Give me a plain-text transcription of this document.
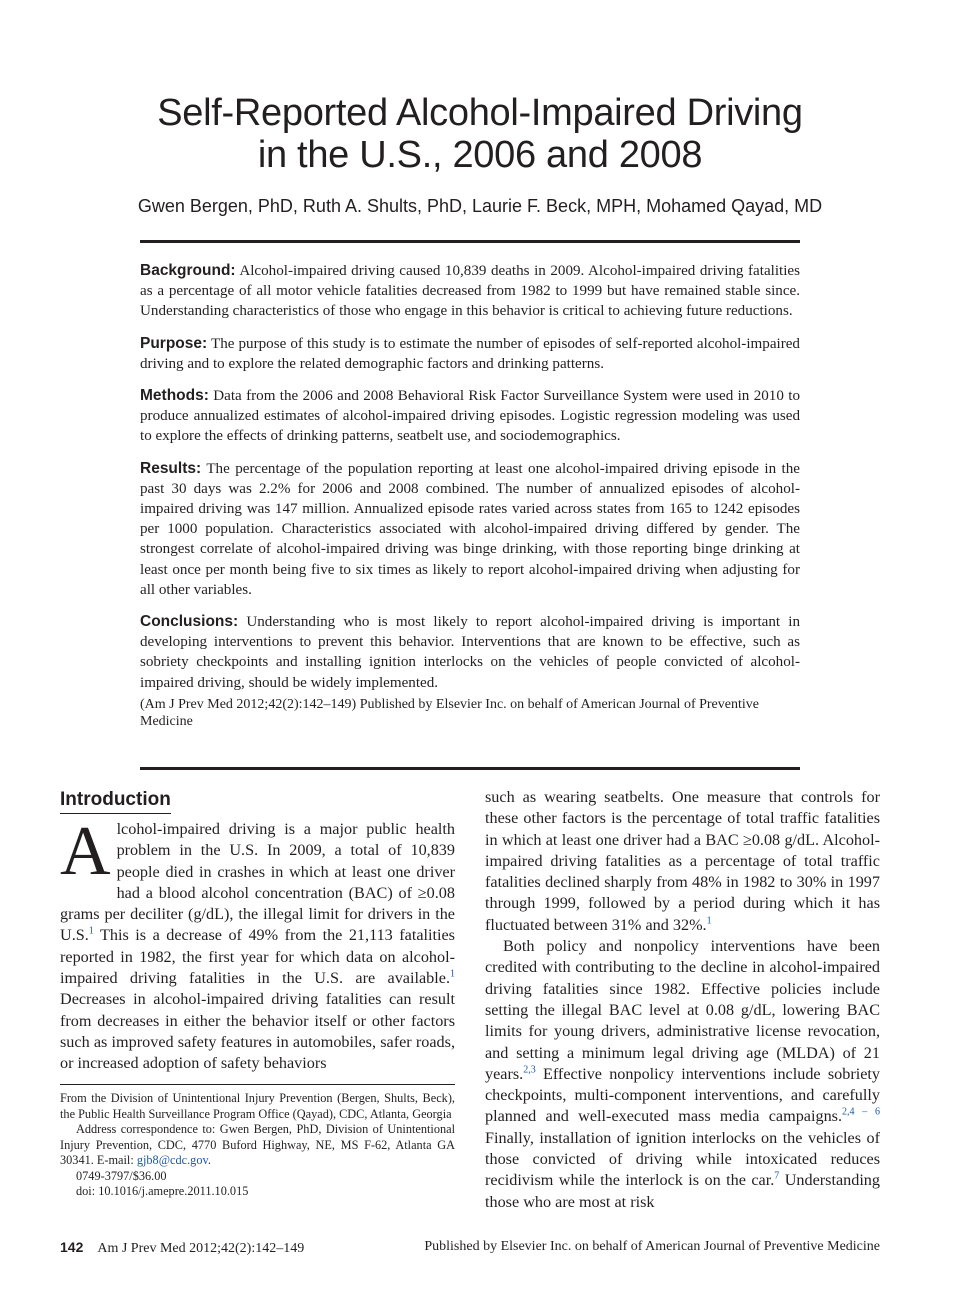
Self-Reported Alcohol-Impaired Driving
in the U.S., 2006 and 2008
Gwen Bergen, PhD, Ruth A. Shults, PhD, Laurie F. Beck, MPH, Mohamed Qayad, MD

Background: Alcohol-impaired driving caused 10,839 deaths in 2009. Alcohol-impaired driving fatalities as a percentage of all motor vehicle fatalities decreased from 1982 to 1999 but have remained stable since. Understanding characteristics of those who engage in this behavior is critical to achieving future reductions.

Purpose: The purpose of this study is to estimate the number of episodes of self-reported alcohol-impaired driving and to explore the related demographic factors and drinking patterns.

Methods: Data from the 2006 and 2008 Behavioral Risk Factor Surveillance System were used in 2010 to produce annualized estimates of alcohol-impaired driving episodes. Logistic regression modeling was used to explore the effects of drinking patterns, seatbelt use, and sociodemographics.

Results: The percentage of the population reporting at least one alcohol-impaired driving episode in the past 30 days was 2.2% for 2006 and 2008 combined. The number of annualized episodes of alcohol-impaired driving was 147 million. Annualized episode rates varied across states from 165 to 1242 episodes per 1000 population. Characteristics associated with alcohol-impaired driving differed by gender. The strongest correlate of alcohol-impaired driving was binge drinking, with those reporting binge drinking at least once per month being five to six times as likely to report alcohol-impaired driving when adjusting for all other variables.

Conclusions: Understanding who is most likely to report alcohol-impaired driving is important in developing interventions to prevent this behavior. Interventions that are known to be effective, such as sobriety checkpoints and installing ignition interlocks on the vehicles of people convicted of alcohol-impaired driving, should be widely implemented.

(Am J Prev Med 2012;42(2):142–149) Published by Elsevier Inc. on behalf of American Journal of Preventive Medicine

Introduction
Alcohol-impaired driving is a major public health problem in the U.S. In 2009, a total of 10,839 people died in crashes in which at least one driver had a blood alcohol concentration (BAC) of ≥0.08 grams per deciliter (g/dL), the illegal limit for drivers in the U.S.$^1$ This is a decrease of 49% from the 21,113 fatalities reported in 1982, the first year for which data on alcohol-impaired driving fatalities in the U.S. are available.$^1$ Decreases in alcohol-impaired driving fatalities can result from decreases in either the behavior itself or other factors such as improved safety features in automobiles, safer roads, or increased adoption of safety behaviors

such as wearing seatbelts. One measure that controls for these other factors is the percentage of total traffic fatalities in which at least one driver had a BAC ≥0.08 g/dL. Alcohol-impaired driving fatalities as a percentage of total traffic fatalities declined sharply from 48% in 1982 to 30% in 1997 through 1999, followed by a period during which it has fluctuated between 31% and 32%.$^1$

Both policy and nonpolicy interventions have been credited with contributing to the decline in alcohol-impaired driving fatalities since 1982. Effective policies include setting the illegal BAC level at 0.08 g/dL, lowering BAC limits for young drivers, administrative license revocation, and setting a minimum legal driving age (MLDA) of 21 years.$^{2,3}$ Effective nonpolicy interventions include sobriety checkpoints, multi-component interventions, and carefully planned and well-executed mass media campaigns.$^{2,4 - 6}$ Finally, installation of ignition interlocks on the vehicles of those convicted of driving while intoxicated reduces recidivism while the interlock is on the car.$^7$ Understanding those who are most at risk

From the Division of Unintentional Injury Prevention (Bergen, Shults, Beck), the Public Health Surveillance Program Office (Qayad), CDC, Atlanta, Georgia

Address correspondence to: Gwen Bergen, PhD, Division of Unintentional Injury Prevention, CDC, 4770 Buford Highway, NE, MS F-62, Atlanta GA 30341. E-mail: gjb8@cdc.gov.

0749-3797/$36.00

doi: 10.1016/j.amepre.2011.10.015

142 Am J Prev Med 2012;42(2):142–149	Published by Elsevier Inc. on behalf of American Journal of Preventive Medicine
